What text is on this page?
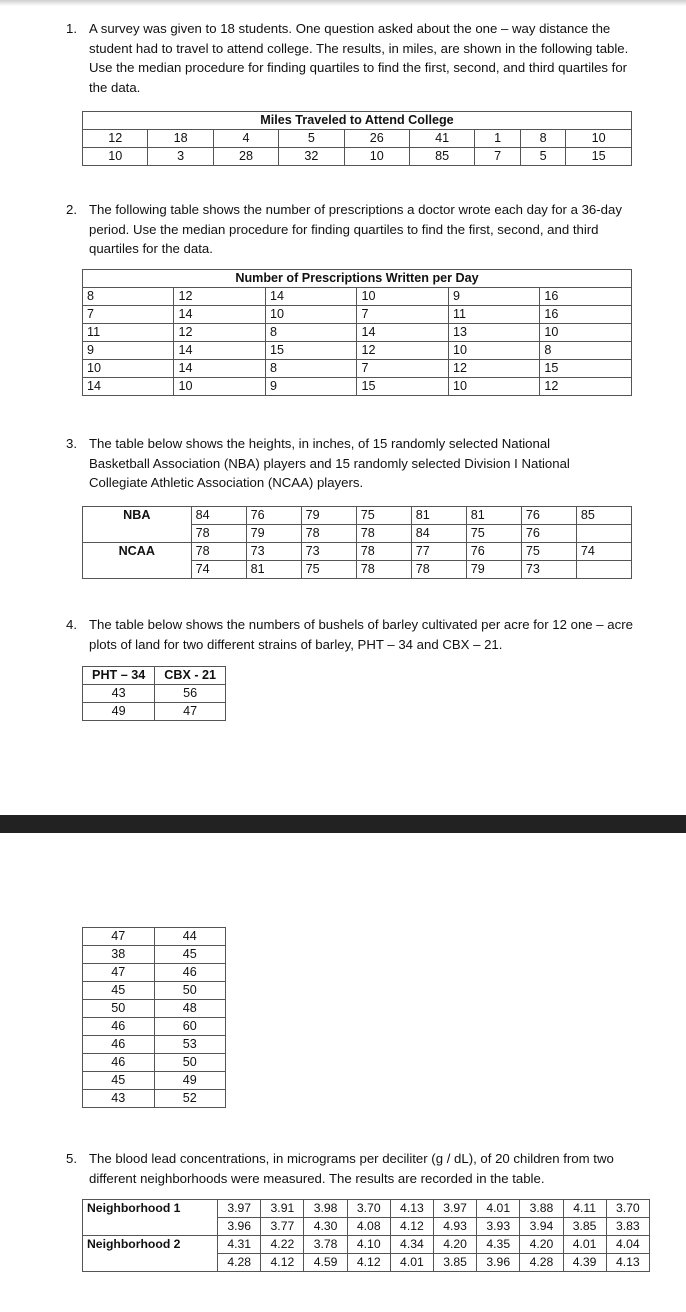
1. A survey was given to 18 students. One question asked about the one – way distance the student had to travel to attend college. The results, in miles, are shown in the following table. Use the median procedure for finding quartiles to find the first, second, and third quartiles for the data.
Miles Traveled to Attend College								
12	18	4	5	26	41	1	8	10
10	3	28	32	10	85	7	5	15
2. The following table shows the number of prescriptions a doctor wrote each day for a 36-day period. Use the median procedure for finding quartiles to find the first, second, and third quartiles for the data.
Number of Prescriptions Written per Day					
8	12	14	10	9	16
7	14	10	7	11	16
11	12	8	14	13	10
9	14	15	12	10	8
10	14	8	7	12	15
14	10	9	15	10	12
3. The table below shows the heights, in inches, of 15 randomly selected National Basketball Association (NBA) players and 15 randomly selected Division I National Collegiate Athletic Association (NCAA) players.
NBA	84	76	79	75	81	81	76	85
	78	79	78	78	84	75	76	
NCAA	78	73	73	78	77	76	75	74
	74	81	75	78	78	79	73	
4. The table below shows the numbers of bushels of barley cultivated per acre for 12 one – acre plots of land for two different strains of barley, PHT – 34 and CBX – 21.
PHT – 34	CBX - 21
43	56
49	47
47	44
38	45
47	46
45	50
50	48
46	60
46	53
46	50
45	49
43	52
5. The blood lead concentrations, in micrograms per deciliter (g / dL), of 20 children from two different neighborhoods were measured. The results are recorded in the table.
Neighborhood 1	3.97	3.91	3.98	3.70	4.13	3.97	4.01	3.88	4.11	3.70
	3.96	3.77	4.30	4.08	4.12	4.93	3.93	3.94	3.85	3.83
Neighborhood 2	4.31	4.22	3.78	4.10	4.34	4.20	4.35	4.20	4.01	4.04
	4.28	4.12	4.59	4.12	4.01	3.85	3.96	4.28	4.39	4.13
